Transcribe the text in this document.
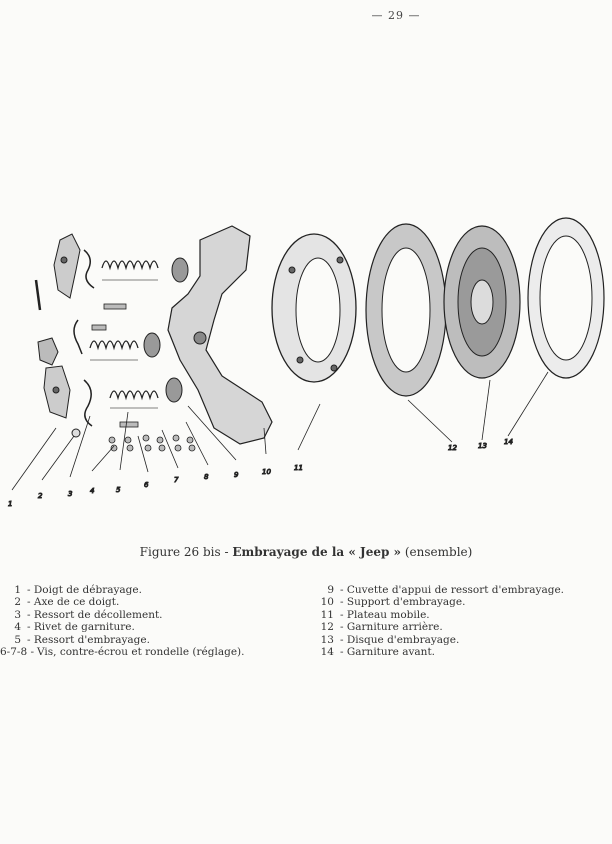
— 29 —
1
2	3	4	5
6
7	8	9	10	11
12	13 14
Figure 26 bis - Embrayage de la « Jeep » (ensemble)
1 - Doigt de débrayage.
2 - Axe de ce doigt.
3 - Ressort de décollement.
4 - Rivet de garniture.
5 - Ressort d'embrayage.
6-7-8 - Vis, contre-écrou et rondelle (réglage).
9 - Cuvette d'appui de ressort d'embrayage.
10 - Support d'embrayage.
11 - Plateau mobile.
12 - Garniture arrière.
13 - Disque d'embrayage.
14 - Garniture avant.
